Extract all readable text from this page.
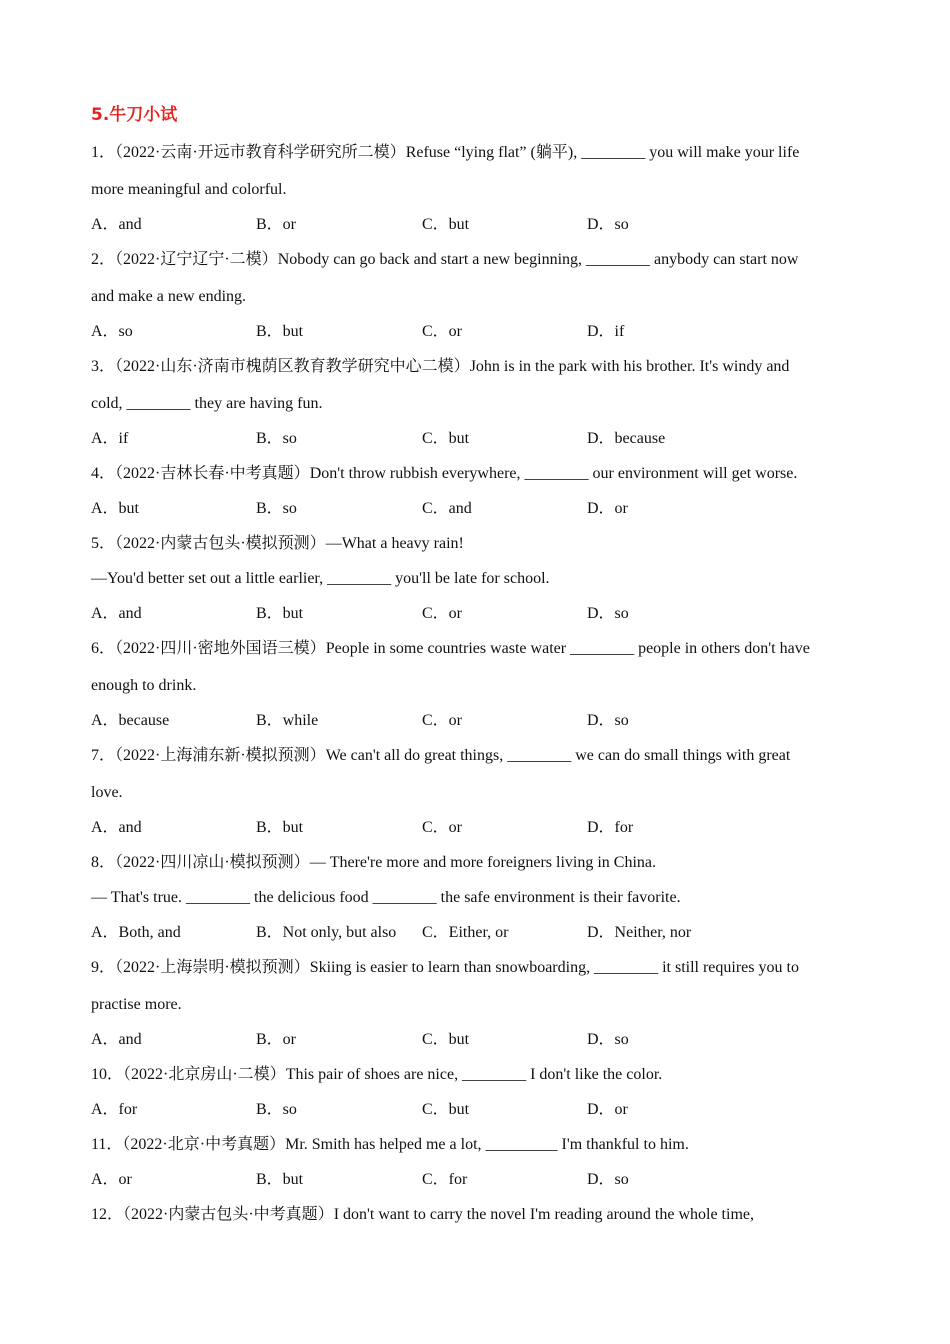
5.牛刀小试
1．（2022·云南·开远市教育科学研究所二模）Refuse “lying flat” (躺平), ________ you will make your life
more meaningful and colorful.
A．and	B．or	C．but	D．so
2．（2022·辽宁辽宁·二模）Nobody can go back and start a new beginning, ________ anybody can start now
and make a new ending.
A．so	B．but	C．or	D．if
3．（2022·山东·济南市槐荫区教育教学研究中心二模）John is in the park with his brother. It's windy and
cold, ________ they are having fun.
A．if	B．so	C．but	D．because
4．（2022·吉林长春·中考真题）Don't throw rubbish everywhere, ________ our environment will get worse.
A．but	B．so	C．and	D．or
5．（2022·内蒙古包头·模拟预测）—What a heavy rain!
—You'd better set out a little earlier, ________ you'll be late for school.
A．and	B．but	C．or	D．so
6．（2022·四川·密地外国语三模）People in some countries waste water ________ people in others don't have
enough to drink.
A．because	B．while	C．or	D．so
7．（2022·上海浦东新·模拟预测）We can't all do great things, ________ we can do small things with great
love.
A．and	B．but	C．or	D．for
8．（2022·四川凉山·模拟预测）— There're more and more foreigners living in China.
— That's true. ________ the delicious food ________ the safe environment is their favorite.
A．Both, and	B．Not only, but also C．Either, or	D．Neither, nor
9．（2022·上海崇明·模拟预测）Skiing is easier to learn than snowboarding, ________ it still requires you to
practise more.
A．and	B．or	C．but	D．so
10．（2022·北京房山·二模）This pair of shoes are nice, ________ I don't like the color.
A．for	B．so	C．but	D．or
11．（2022·北京·中考真题）Mr. Smith has helped me a lot, _________ I'm thankful to him.
A．or	B．but	C．for	D．so
12．（2022·内蒙古包头·中考真题）I don't want to carry the novel I'm reading around the whole time,
